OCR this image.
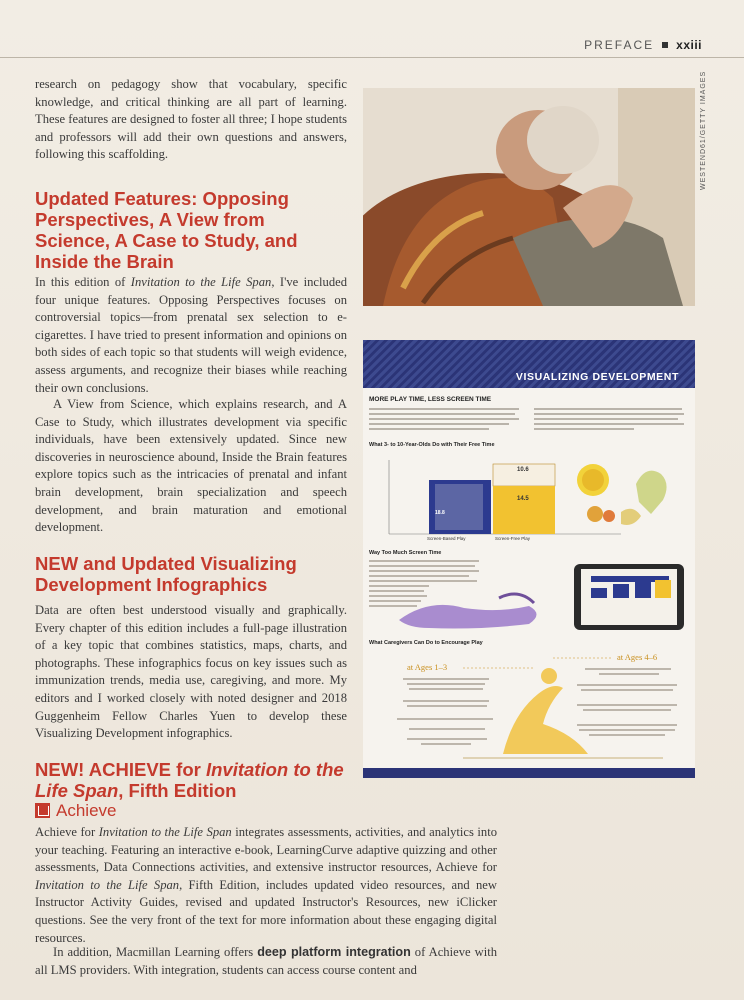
PREFACE xxiii

research on pedagogy show that vocabulary, specific knowledge, and critical thinking are all part of learning. These features are designed to foster all three; I hope students and professors will add their own questions and answers, following this scaffolding.

Updated Features: Opposing Perspectives, A View from Science, A Case to Study, and Inside the Brain

In this edition of Invitation to the Life Span, I've included four unique features. Opposing Perspectives focuses on controversial topics—from prenatal sex selection to e-cigarettes. I have tried to present information and opinions on both sides of each topic so that students will weigh evidence, assess arguments, and recognize their biases while reaching their own conclusions.

A View from Science, which explains research, and A Case to Study, which illustrates development via specific individuals, have been extensively updated. Since new discoveries in neuroscience abound, Inside the Brain features explore topics such as the intricacies of prenatal and infant brain development, brain specialization and speech development, and brain maturation and emotional development.

NEW and Updated Visualizing Development Infographics

Data are often best understood visually and graphically. Every chapter of this edition includes a full-page illustration of a key topic that combines statistics, maps, charts, and photographs. These infographics focus on key issues such as immunization trends, media use, caregiving, and more. My editors and I worked closely with noted designer and 2018 Guggenheim Fellow Charles Yuen to develop these Visualizing Development infographics.

NEW! ACHIEVE for Invitation to the Life Span, Fifth Edition
Achieve

Achieve for Invitation to the Life Span integrates assessments, activities, and analytics into your teaching. Featuring an interactive e-book, LearningCurve adaptive quizzing and other assessments, Data Connections activities, and extensive instructor resources, Achieve for Invitation to the Life Span, Fifth Edition, includes updated video resources, and new Instructor Activity Guides, revised and updated Instructor's Resources, new iClicker questions. See the very front of the text for more information about these engaging digital resources.

In addition, Macmillan Learning offers deep platform integration of Achieve with all LMS providers. With integration, students can access course content and

WESTEND61/GETTY IMAGES
VISUALIZING DEVELOPMENT
MORE PLAY TIME, LESS SCREEN TIME
What 3- to 10-Year-Olds Do with Their Free Time
18.8
10.6
14.5
Screen-Based Play	Screen-Free Play
Way Too Much Screen Time
What Caregivers Can Do to Encourage Play
at Ages 1–3
at Ages 4–6
